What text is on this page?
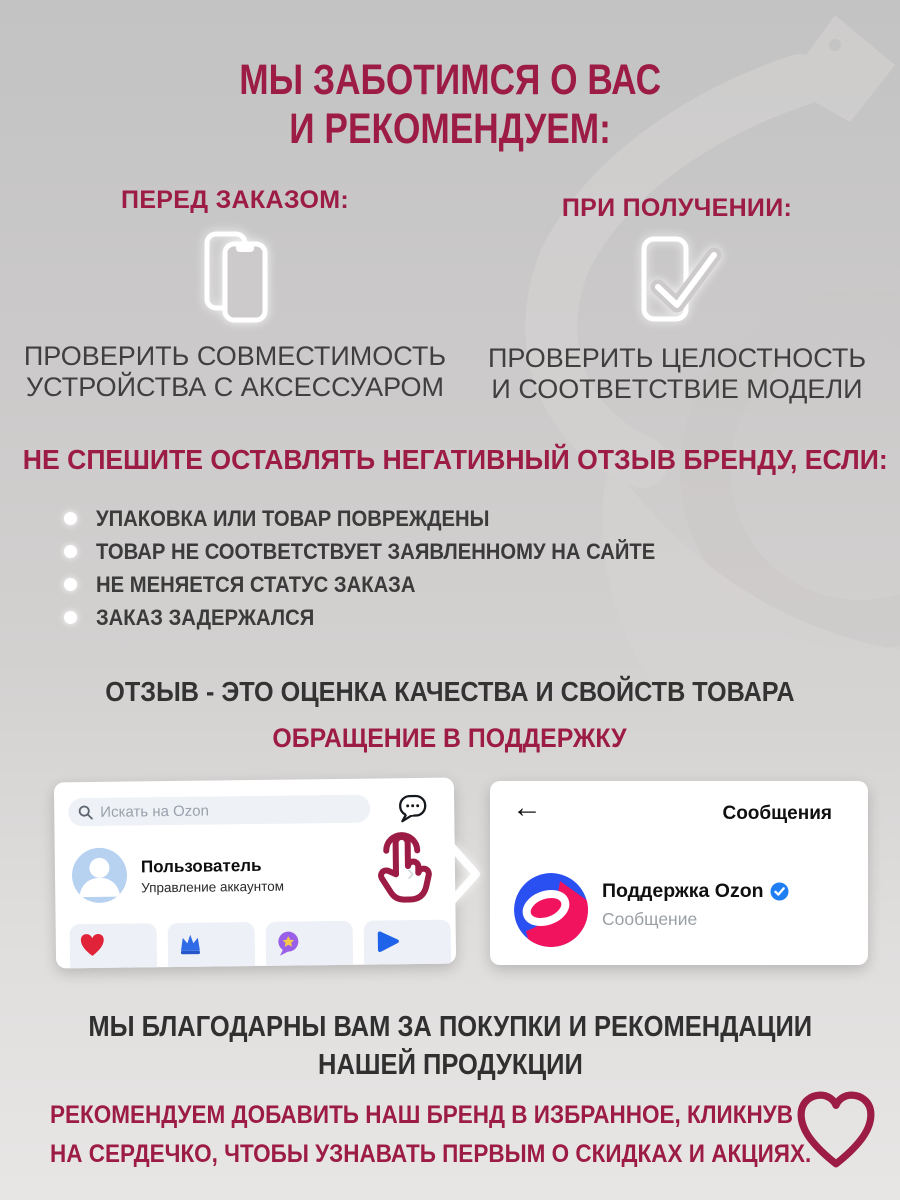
МЫ ЗАБОТИМСЯ О ВАС
И РЕКОМЕНДУЕМ:
ПЕРЕД ЗАКАЗОМ:
ПРОВЕРИТЬ СОВМЕСТИМОСТЬ
УСТРОЙСТВА С АКСЕССУАРОМ
ПРИ ПОЛУЧЕНИИ:
ПРОВЕРИТЬ ЦЕЛОСТНОСТЬ
И СООТВЕТСТВИЕ МОДЕЛИ
НЕ СПЕШИТЕ ОСТАВЛЯТЬ НЕГАТИВНЫЙ ОТЗЫВ БРЕНДУ, ЕСЛИ:
УПАКОВКА ИЛИ ТОВАР ПОВРЕЖДЕНЫ
ТОВАР НЕ СООТВЕТСТВУЕТ ЗАЯВЛЕННОМУ НА САЙТЕ
НЕ МЕНЯЕТСЯ СТАТУС ЗАКАЗА
ЗАКАЗ ЗАДЕРЖАЛСЯ
ОТЗЫВ - ЭТО ОЦЕНКА КАЧЕСТВА И СВОЙСТВ ТОВАРА
ОБРАЩЕНИЕ В ПОДДЕРЖКУ
Искать на Ozon
Пользователь
Управление аккаунтом
›
←	Сообщения
Поддержка Ozon
Сообщение
МЫ БЛАГОДАРНЫ ВАМ ЗА ПОКУПКИ И РЕКОМЕНДАЦИИ
НАШЕЙ ПРОДУКЦИИ
РЕКОМЕНДУЕМ ДОБАВИТЬ НАШ БРЕНД В ИЗБРАННОЕ, КЛИКНУВ
НА СЕРДЕЧКО, ЧТОБЫ УЗНАВАТЬ ПЕРВЫМ О СКИДКАХ И АКЦИЯХ.
